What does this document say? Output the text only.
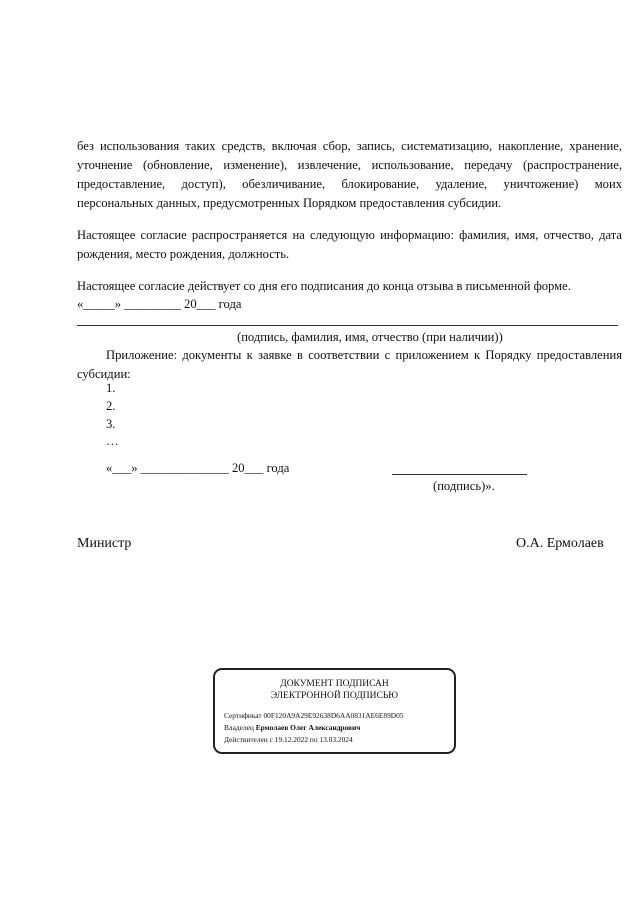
без использования таких средств, включая сбор, запись, систематизацию, накопление, хранение,
уточнение (обновление, изменение), извлечение, использование, передачу (распространение,
предоставление, доступ), обезличивание, блокирование, удаление, уничтожение) моих
персональных данных, предусмотренных Порядком предоставления субсидии.

Настоящее согласие распространяется на следующую информацию: фамилия, имя, отчество, дата
рождения, место рождения, должность.

Настоящее согласие действует со дня его подписания до конца отзыва в письменной форме.

«_____» _________ 20___ года

(подпись, фамилия, имя, отчество (при наличии))

Приложение: документы к заявке в соответствии с приложением к Порядку предоставления
субсидии:

1.

2.

3.

…

«___» ______________ 20___ года

(подпись)».

Министр	О.А. Ермолаев

ДОКУМЕНТ ПОДПИСАН
ЭЛЕКТРОННОЙ ПОДПИСЬЮ
Сертификат 00F120A9A29E92638D6AA0831AE6E89D05
Владелец Ермолаев Олег Александрович
Действителен с 19.12.2022 по 13.03.2024
